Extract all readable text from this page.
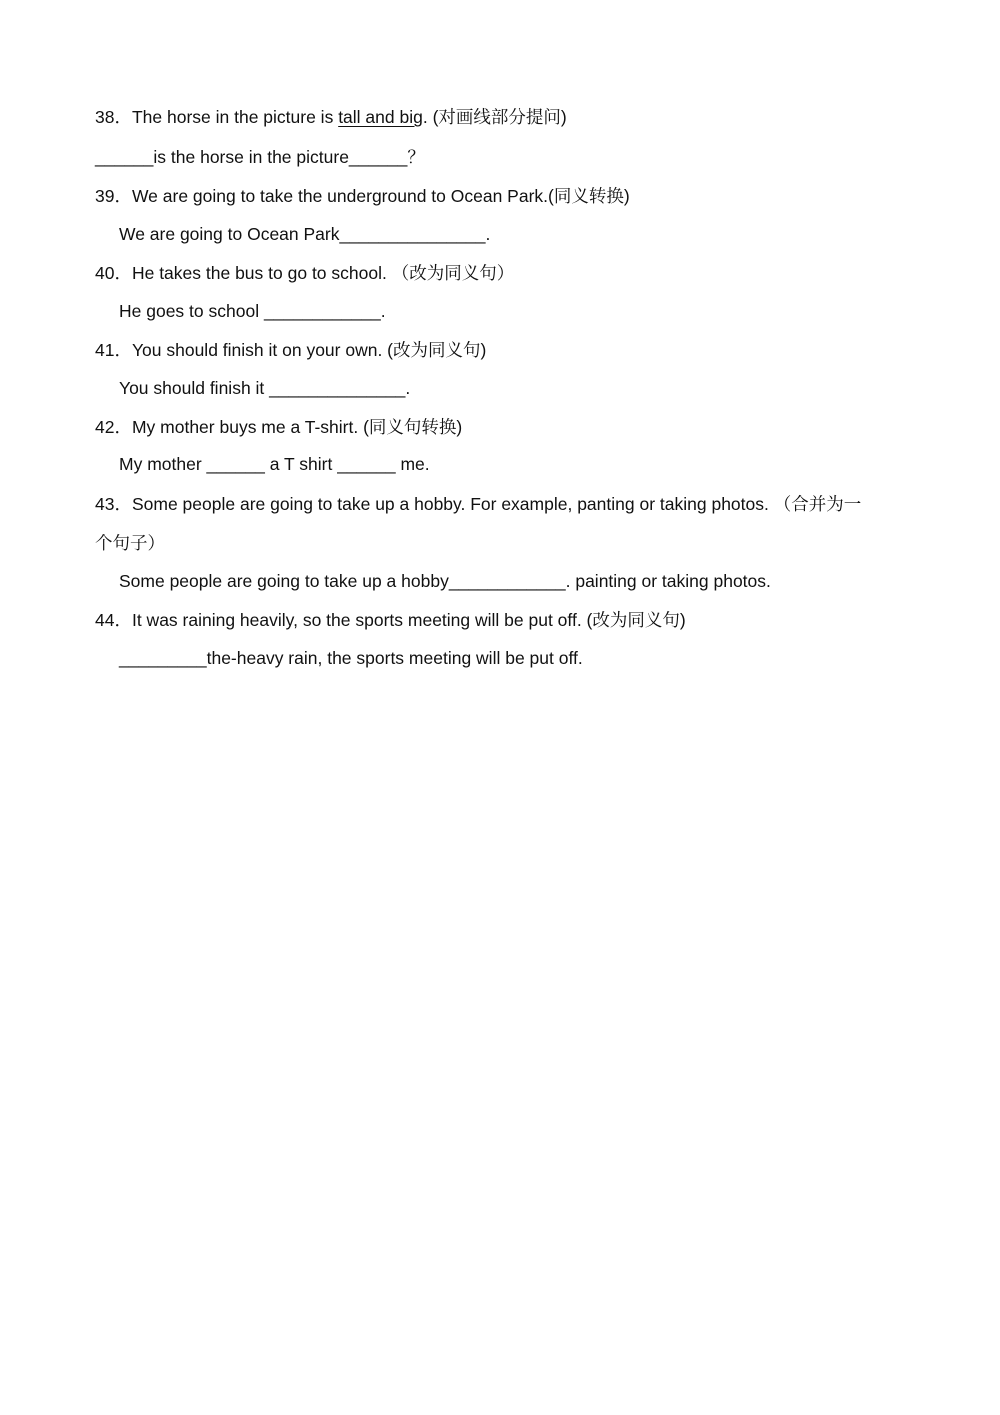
38．The horse in the picture is tall and big. (对画线部分提问)
______is the horse in the picture______？
39．We are going to take the underground to Ocean Park.(同义转换)
We are going to Ocean Park_______________.
40．He takes the bus to go to school. （改为同义句）
He goes to school ____________.
41．You should finish it on your own. (改为同义句)
You should finish it ______________.
42．My mother buys me a T-shirt. (同义句转换)
My mother ______ a T shirt ______ me.
43．Some people are going to take up a hobby. For example, panting or taking photos. （合并为一
个句子）
Some people are going to take up a hobby____________. painting or taking photos.
44．It was raining heavily, so the sports meeting will be put off. (改为同义句)
_________the-heavy rain, the sports meeting will be put off.
